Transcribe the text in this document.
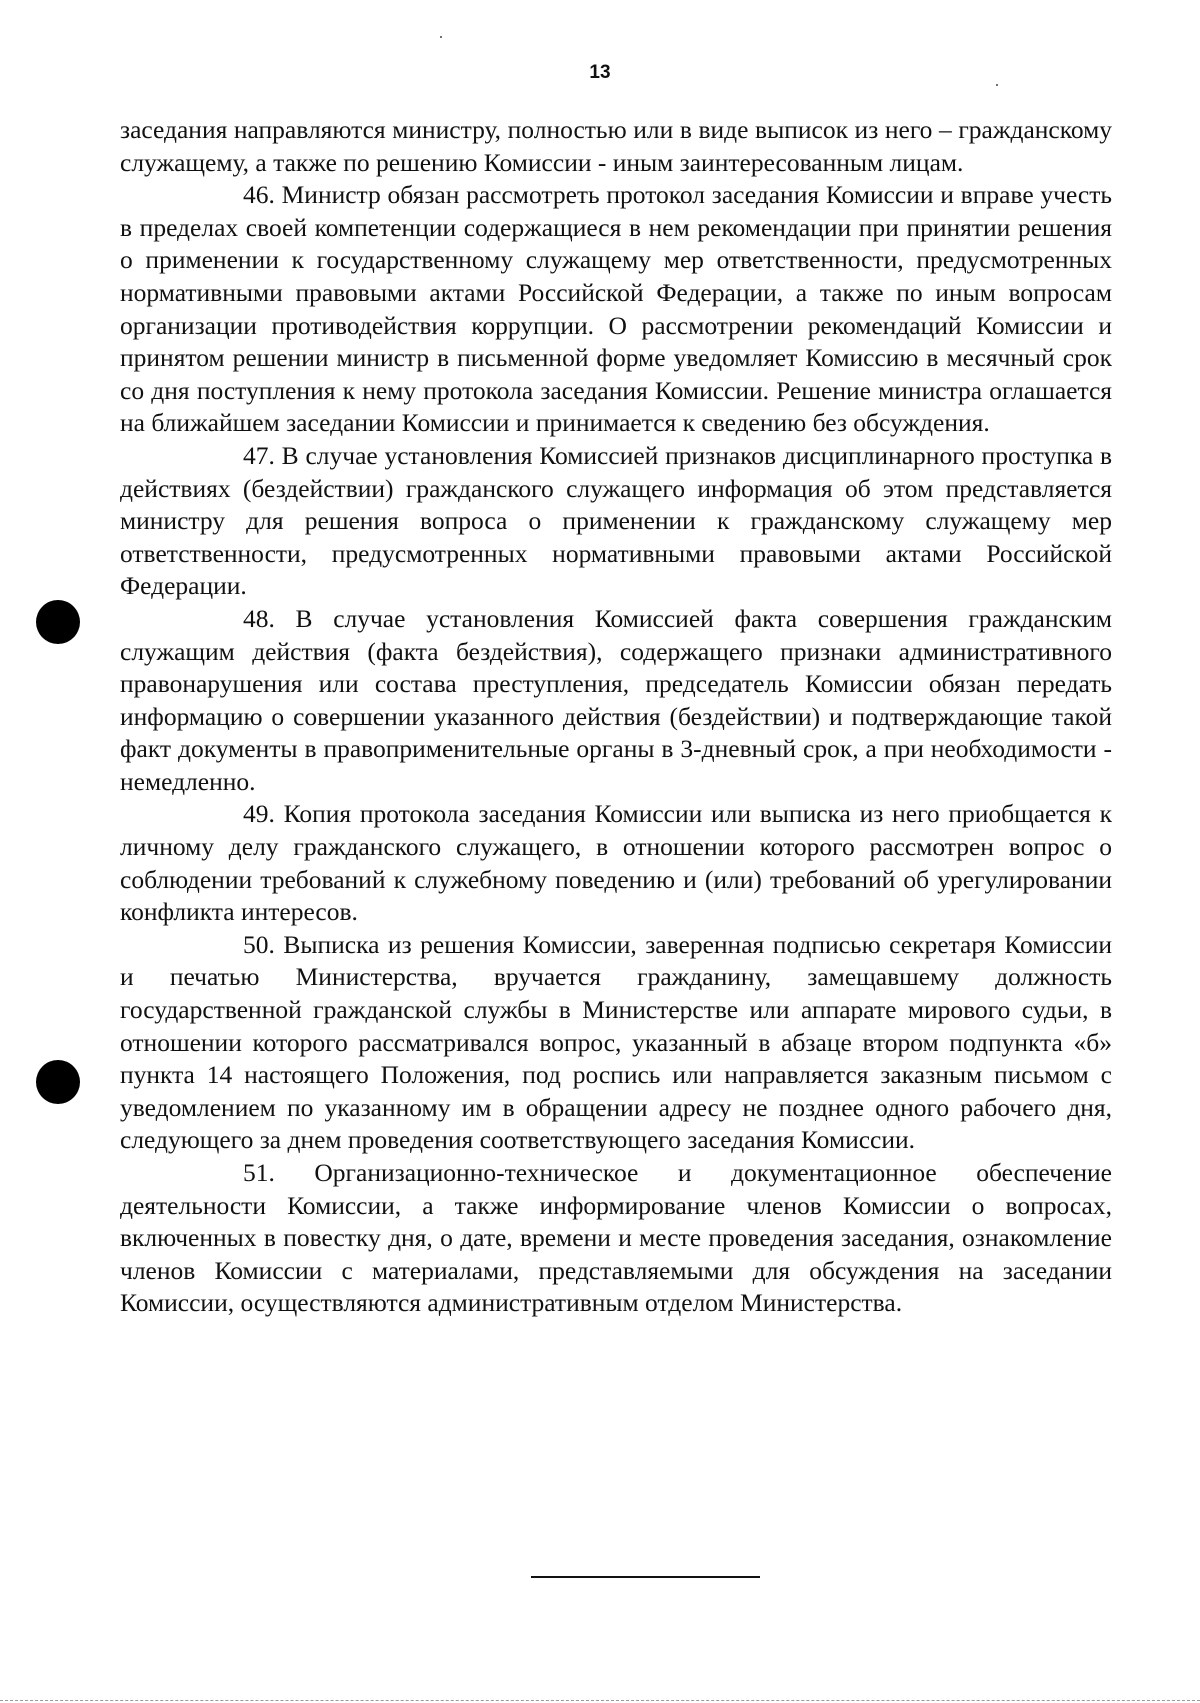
13

заседания направляются министру, полностью или в виде выписок из него – гражданскому служащему, а также по решению Комиссии - иным заинтересованным лицам.

46. Министр обязан рассмотреть протокол заседания Комиссии и вправе учесть в пределах своей компетенции содержащиеся в нем рекомендации при принятии решения о применении к государственному служащему мер ответственности, предусмотренных нормативными правовыми актами Российской Федерации, а также по иным вопросам организации противодействия коррупции. О рассмотрении рекомендаций Комиссии и принятом решении министр в письменной форме уведомляет Комиссию в месячный срок со дня поступления к нему протокола заседания Комиссии. Решение министра оглашается на ближайшем заседании Комиссии и принимается к сведению без обсуждения.

47. В случае установления Комиссией признаков дисциплинарного проступка в действиях (бездействии) гражданского служащего информация об этом представляется министру для решения вопроса о применении к гражданскому служащему мер ответственности, предусмотренных нормативными правовыми актами Российской Федерации.

48. В случае установления Комиссией факта совершения гражданским служащим действия (факта бездействия), содержащего признаки административного правонарушения или состава преступления, председатель Комиссии обязан передать информацию о совершении указанного действия (бездействии) и подтверждающие такой факт документы в правоприменительные органы в 3-дневный срок, а при необходимости - немедленно.

49. Копия протокола заседания Комиссии или выписка из него приобщается к личному делу гражданского служащего, в отношении которого рассмотрен вопрос о соблюдении требований к служебному поведению и (или) требований об урегулировании конфликта интересов.

50. Выписка из решения Комиссии, заверенная подписью секретаря Комиссии и печатью Министерства, вручается гражданину, замещавшему должность государственной гражданской службы в Министерстве или аппарате мирового судьи, в отношении которого рассматривался вопрос, указанный в абзаце втором подпункта «б» пункта 14 настоящего Положения, под роспись или направляется заказным письмом с уведомлением по указанному им в обращении адресу не позднее одного рабочего дня, следующего за днем проведения соответствующего заседания Комиссии.

51. Организационно-техническое и документационное обеспечение деятельности Комиссии, а также информирование членов Комиссии о вопросах, включенных в повестку дня, о дате, времени и месте проведения заседания, ознакомление членов Комиссии с материалами, представляемыми для обсуждения на заседании Комиссии, осуществляются административным отделом Министерства.
